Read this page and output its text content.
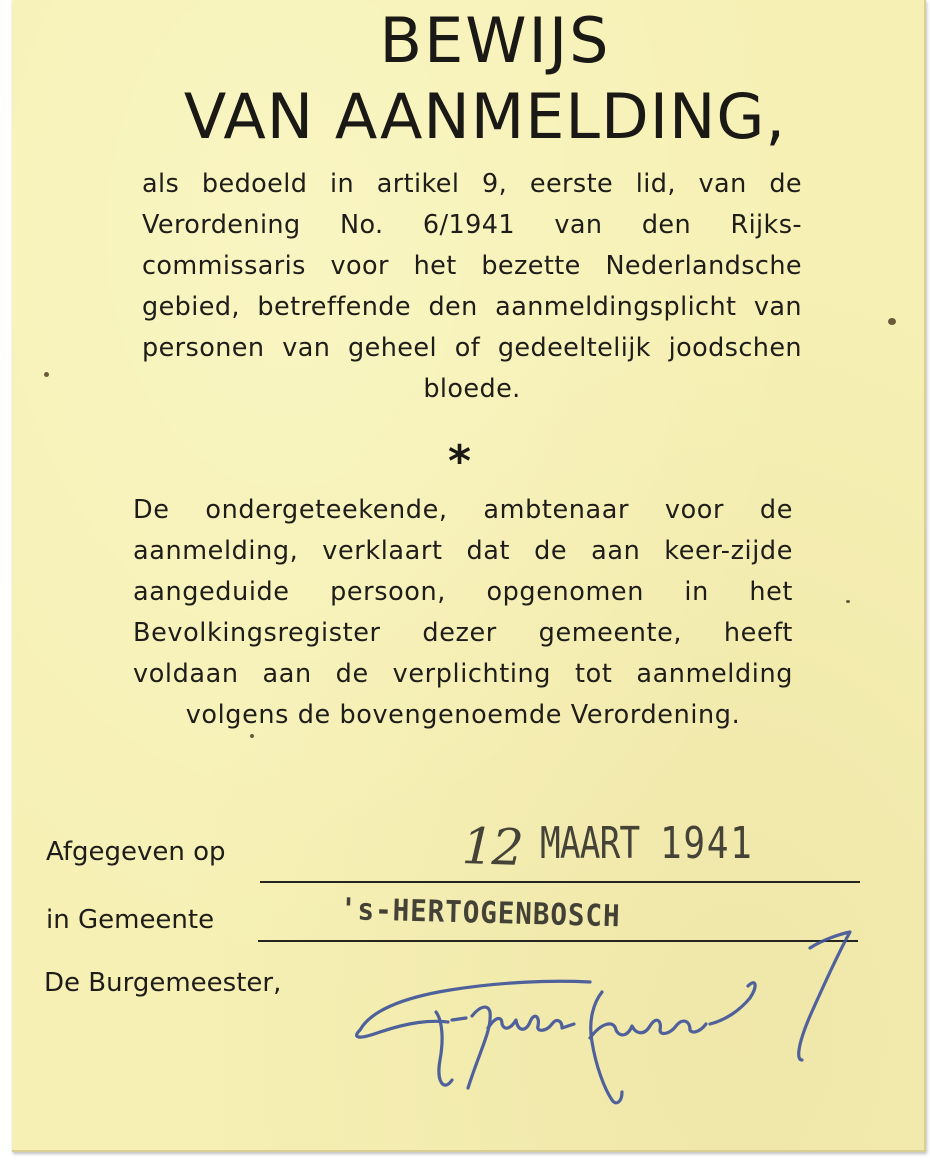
BEWIJS
VAN AANMELDING,

als bedoeld in artikel 9, eerste lid, van de Verordening No. 6/1941 van den Rijks-commissaris voor het bezette Nederlandsche gebied, betreffende den aanmeldingsplicht van personen van geheel of gedeeltelijk joodschen bloede.

*

De ondergeteekende, ambtenaar voor de aanmelding, verklaart dat de aan keer-zijde aangeduide persoon, opgenomen in het Bevolkingsregister dezer gemeente, heeft voldaan aan de verplichting tot aanmelding volgens de bovengenoemde Verordening.

Afgegeven op	12 MAART 1941
in Gemeente	's-HERTOGENBOSCH
De Burgemeester,
